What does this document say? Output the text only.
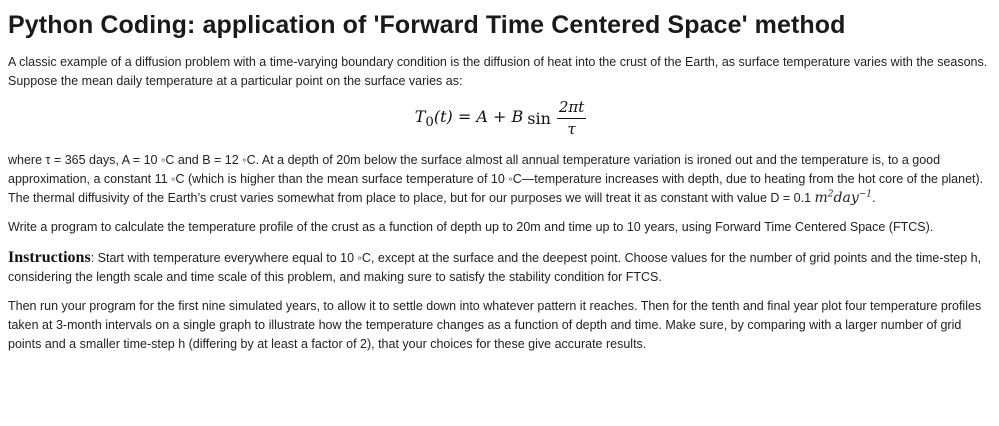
Python Coding: application of 'Forward Time Centered Space' method

A classic example of a diffusion problem with a time-varying boundary condition is the diffusion of heat into the crust of the Earth, as surface temperature varies with the seasons. Suppose the mean daily temperature at a particular point on the surface varies as:

$T_0(t) = A + B$ $\sin \frac{2\pi t}{\tau}$

where τ = 365 days, A = 10 ◦C and B = 12 ◦C. At a depth of 20m below the surface almost all annual temperature variation is ironed out and the temperature is, to a good approximation, a constant 11 ◦C (which is higher than the mean surface temperature of 10 ◦C—temperature increases with depth, due to heating from the hot core of the planet). The thermal diffusivity of the Earth’s crust varies somewhat from place to place, but for our purposes we will treat it as constant with value D = 0.1 $m^2day^{-1}$.

Write a program to calculate the temperature profile of the crust as a function of depth up to 20m and time up to 10 years, using Forward Time Centered Space (FTCS).

Instructions: Start with temperature everywhere equal to 10 ◦C, except at the surface and the deepest point. Choose values for the number of grid points and the time-step h, considering the length scale and time scale of this problem, and making sure to satisfy the stability condition for FTCS.

Then run your program for the first nine simulated years, to allow it to settle down into whatever pattern it reaches. Then for the tenth and final year plot four temperature profiles taken at 3-month intervals on a single graph to illustrate how the temperature changes as a function of depth and time. Make sure, by comparing with a larger number of grid points and a smaller time-step h (differing by at least a factor of 2), that your choices for these give accurate results.
